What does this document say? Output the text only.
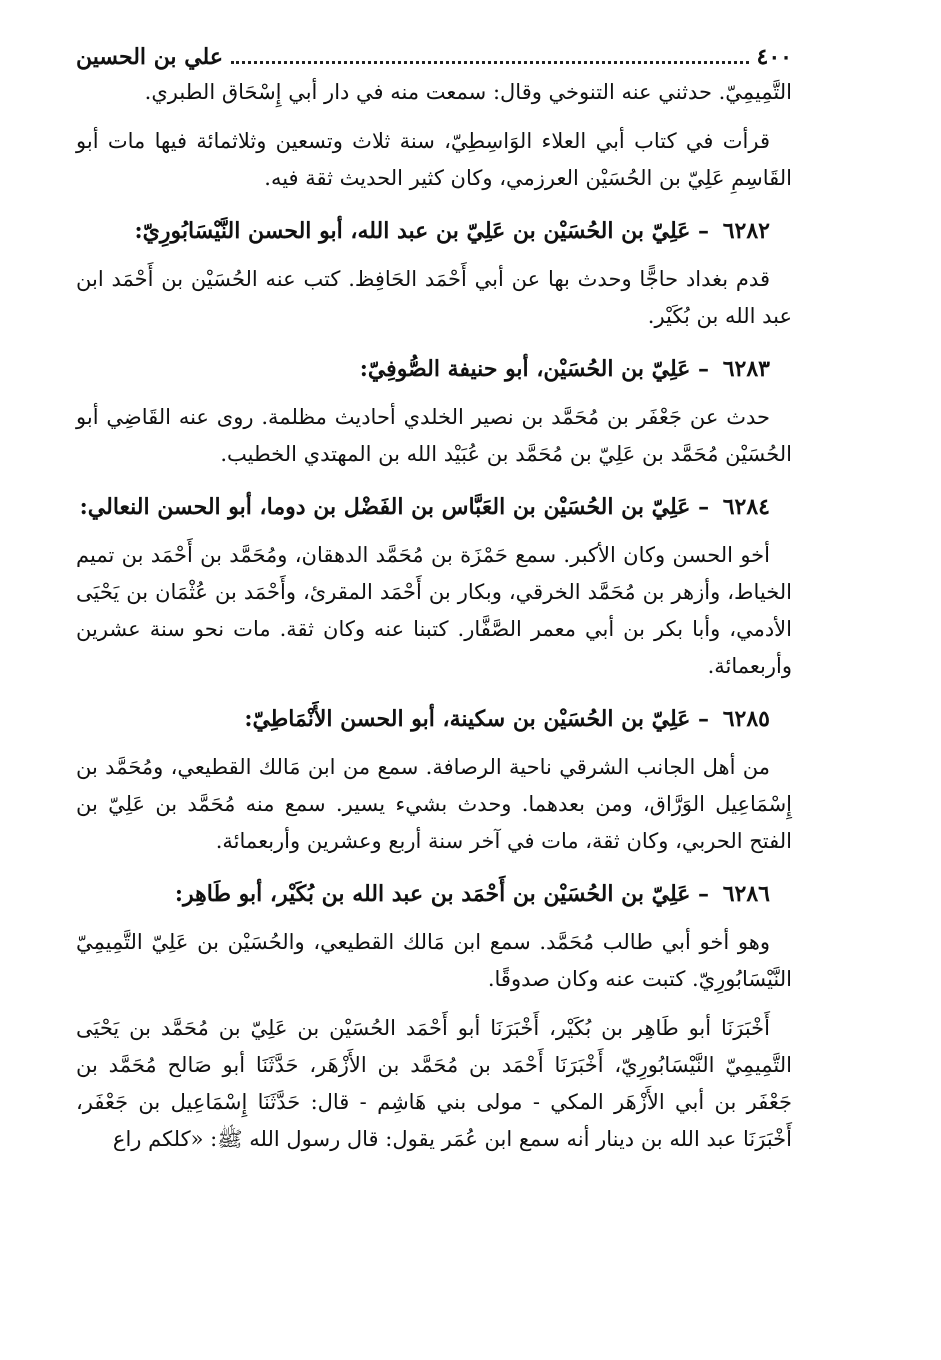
٤٠٠
علي بن الحسين

التَّمِيمِيّ. حدثني عنه التنوخي وقال: سمعت منه في دار أبي إِسْحَاق الطبري.

قرأت في كتاب أبي العلاء الوَاسِطِيّ، سنة ثلاث وتسعين وثلاثمائة فيها مات أبو القَاسِمِ عَلِيّ بن الحُسَيْن العرزمي، وكان كثير الحديث ثقة فيه.

٦٢٨٢ – عَلِيّ بن الحُسَيْن بن عَلِيّ بن عبد الله، أبو الحسن النَّيْسَابُورِيّ:

قدم بغداد حاجًّا وحدث بها عن أبي أَحْمَد الحَافِظ. كتب عنه الحُسَيْن بن أَحْمَد ابن عبد الله بن بُكَيْر.

٦٢٨٣ – عَلِيّ بن الحُسَيْن، أبو حنيفة الصُّوفِيّ:

حدث عن جَعْفَر بن مُحَمَّد بن نصير الخلدي أحاديث مظلمة. روى عنه القَاضِي أبو الحُسَيْن مُحَمَّد بن عَلِيّ بن مُحَمَّد بن عُبَيْد الله بن المهتدي الخطيب.

٦٢٨٤ – عَلِيّ بن الحُسَيْن بن العَبَّاس بن الفَضْل بن دوما، أبو الحسن النعالي:

أخو الحسن وكان الأكبر. سمع حَمْزَة بن مُحَمَّد الدهقان، ومُحَمَّد بن أَحْمَد بن تميم الخياط، وأزهر بن مُحَمَّد الخرقي، وبكار بن أَحْمَد المقرئ، وأَحْمَد بن عُثْمَان بن يَحْيَى الأدمي، وأبا بكر بن أبي معمر الصَّفَّار. كتبنا عنه وكان ثقة. مات نحو سنة عشرين وأربعمائة.

٦٢٨٥ – عَلِيّ بن الحُسَيْن بن سكينة، أبو الحسن الأَنْمَاطِيّ:

من أهل الجانب الشرقي ناحية الرصافة. سمع من ابن مَالك القطيعي، ومُحَمَّد بن إِسْمَاعِيل الوَرَّاق، ومن بعدهما. وحدث بشيء يسير. سمع منه مُحَمَّد بن عَلِيّ بن الفتح الحربي، وكان ثقة، مات في آخر سنة أربع وعشرين وأربعمائة.

٦٢٨٦ – عَلِيّ بن الحُسَيْن بن أَحْمَد بن عبد الله بن بُكَيْر، أبو طَاهِر:

وهو أخو أبي طالب مُحَمَّد. سمع ابن مَالك القطيعي، والحُسَيْن بن عَلِيّ التَّمِيمِيّ النَّيْسَابُورِيّ. كتبت عنه وكان صدوقًا.

أَخْبَرَنَا أبو طَاهِر بن بُكَيْر، أَخْبَرَنَا أبو أَحْمَد الحُسَيْن بن عَلِيّ بن مُحَمَّد بن يَحْيَى التَّمِيمِيّ النَّيْسَابُورِيّ، أَخْبَرَنَا أَحْمَد بن مُحَمَّد بن الأَزْهَر، حَدَّثَنَا أبو صَالح مُحَمَّد بن جَعْفَر بن أبي الأَزْهَر المكي - مولى بني هَاشِم - قال: حَدَّثَنَا إِسْمَاعِيل بن جَعْفَر، أَخْبَرَنَا عبد الله بن دينار أنه سمع ابن عُمَر يقول: قال رسول الله ﷺ: «كلكم راع
